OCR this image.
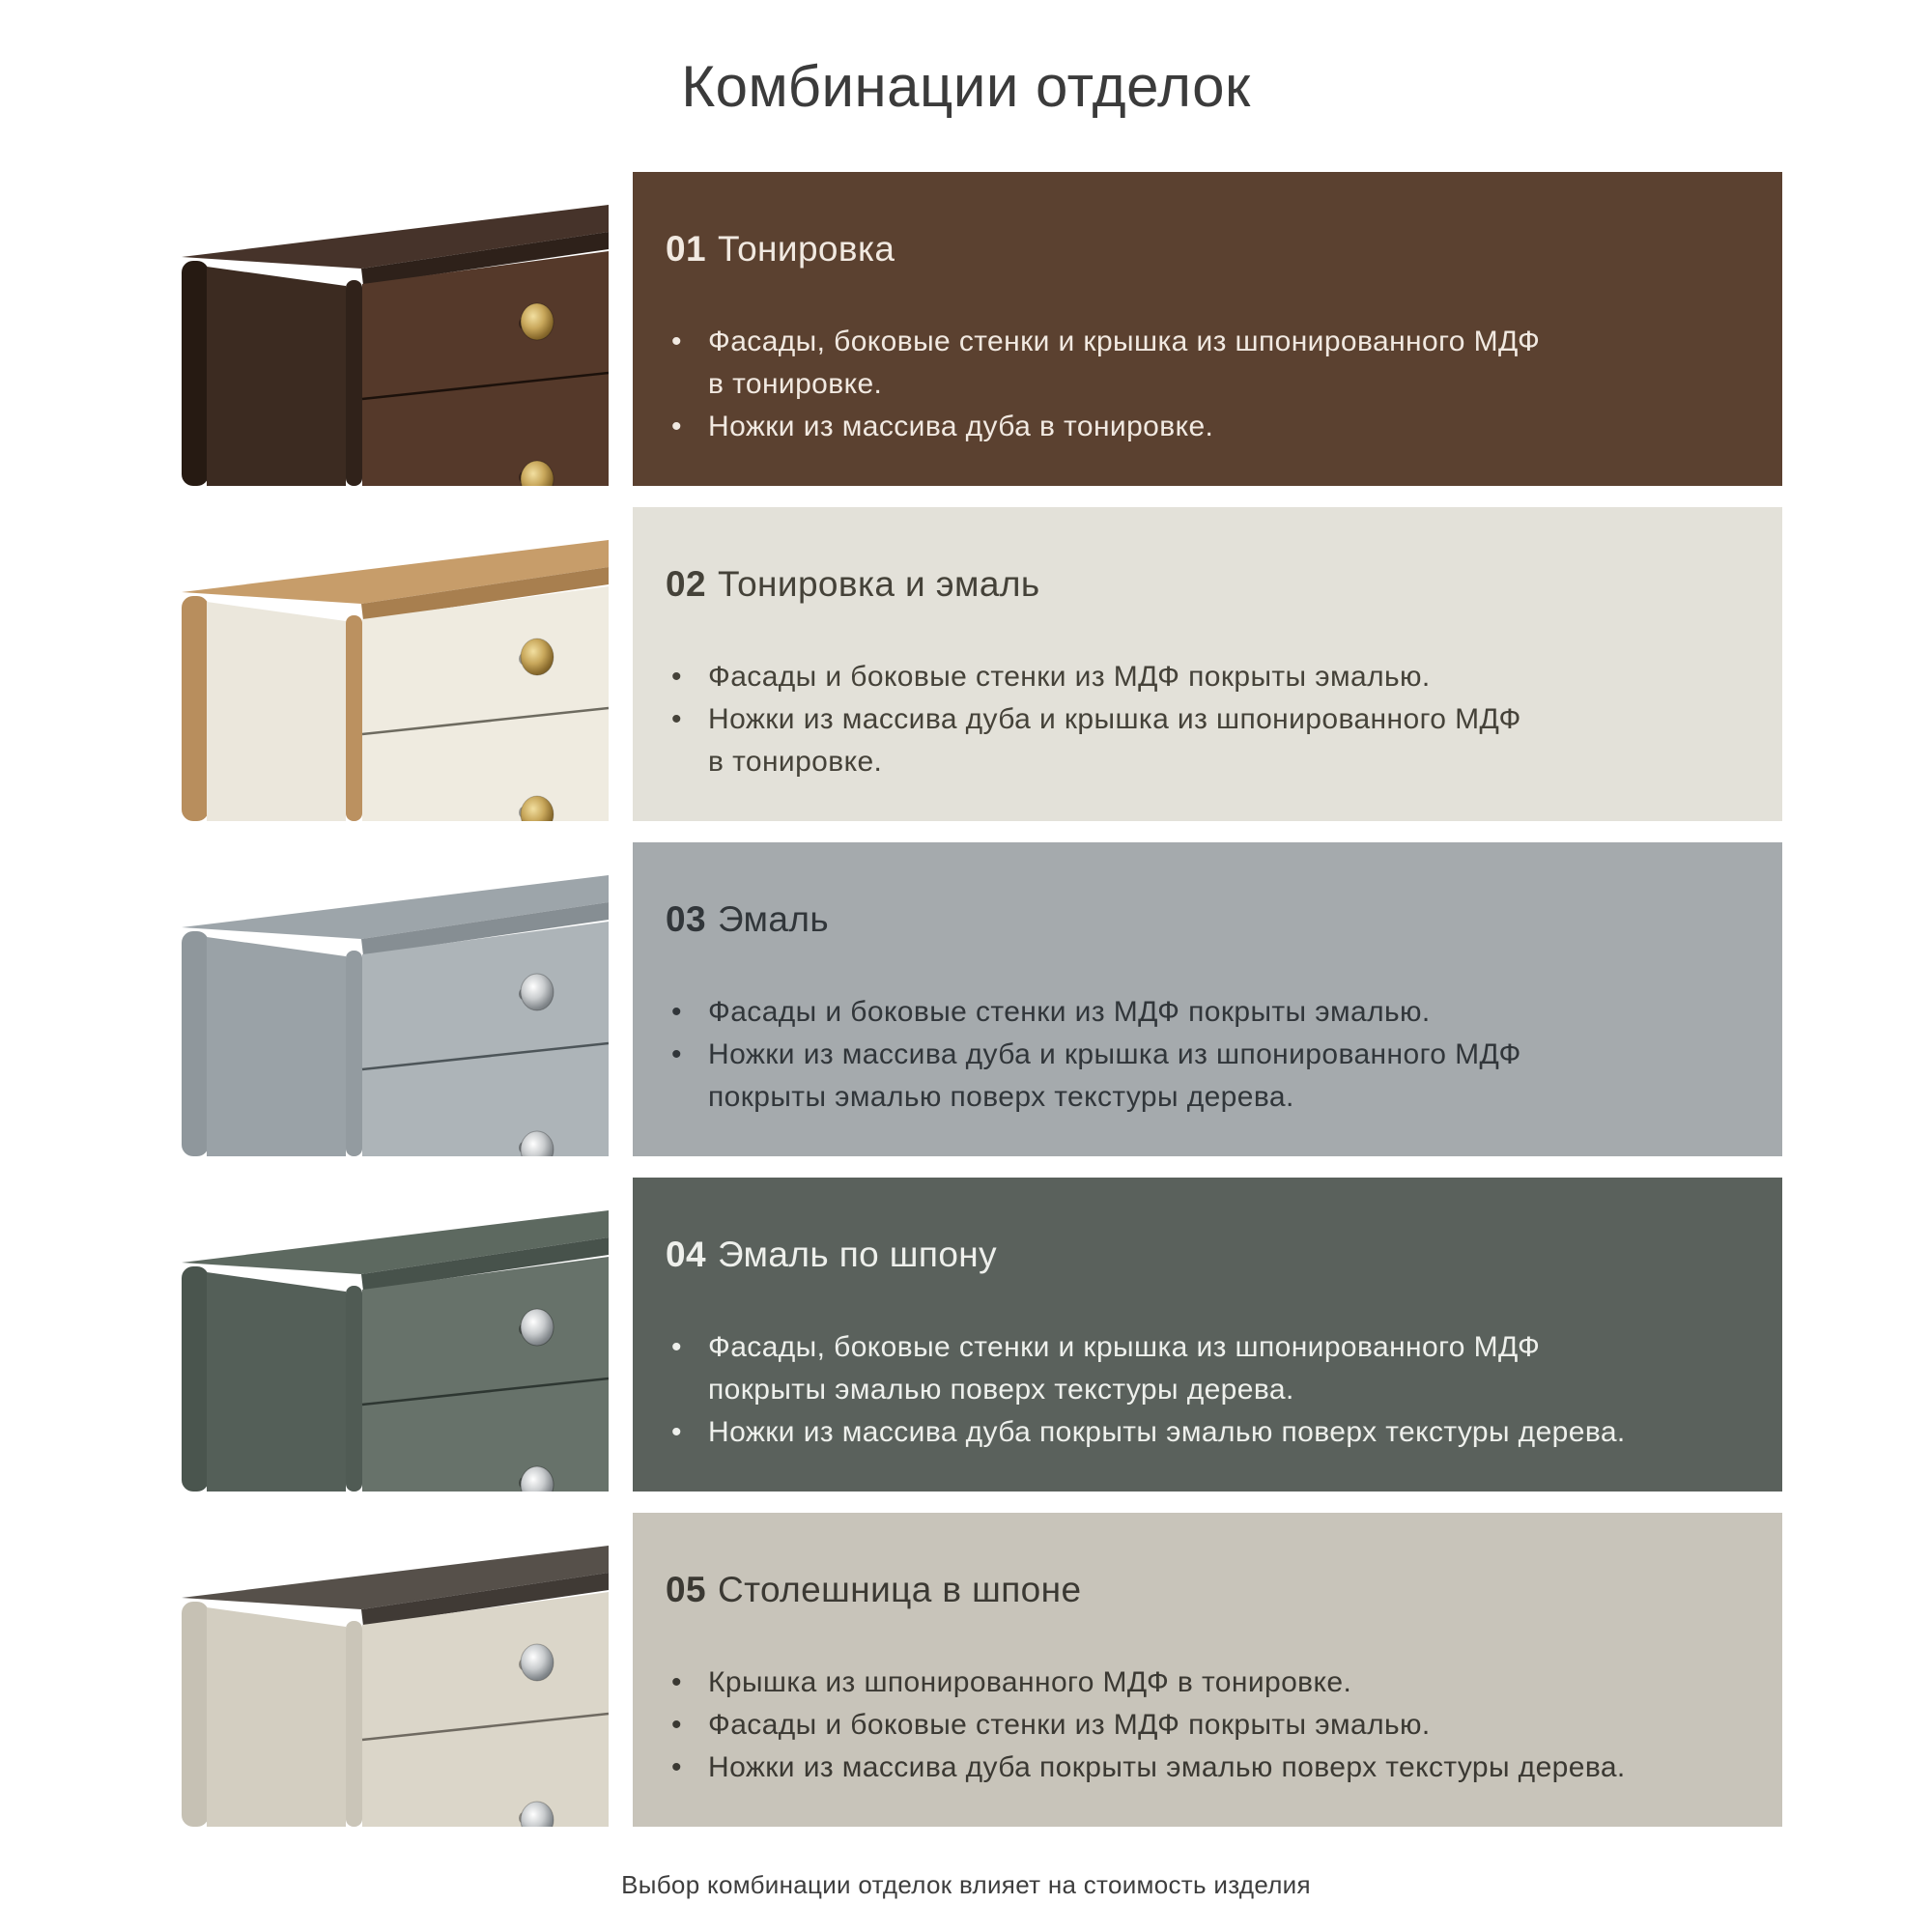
Комбинации отделок
01 Тонировка
• Фасады, боковые стенки и крышка из шпонированного МДФ
в тонировке.
• Ножки из массива дуба в тонировке.
02 Тонировка и эмаль
• Фасады и боковые стенки из МДФ покрыты эмалью.
• Ножки из массива дуба и крышка из шпонированного МДФ
в тонировке.
03 Эмаль
• Фасады и боковые стенки из МДФ покрыты эмалью.
• Ножки из массива дуба и крышка из шпонированного МДФ
покрыты эмалью поверх текстуры дерева.
04 Эмаль по шпону
• Фасады, боковые стенки и крышка из шпонированного МДФ
покрыты эмалью поверх текстуры дерева.
• Ножки из массива дуба покрыты эмалью поверх текстуры дерева.
05 Столешница в шпоне
• Крышка из шпонированного МДФ в тонировке.
• Фасады и боковые стенки из МДФ покрыты эмалью.
• Ножки из массива дуба покрыты эмалью поверх текстуры дерева.

Выбор комбинации отделок влияет на стоимость изделия
